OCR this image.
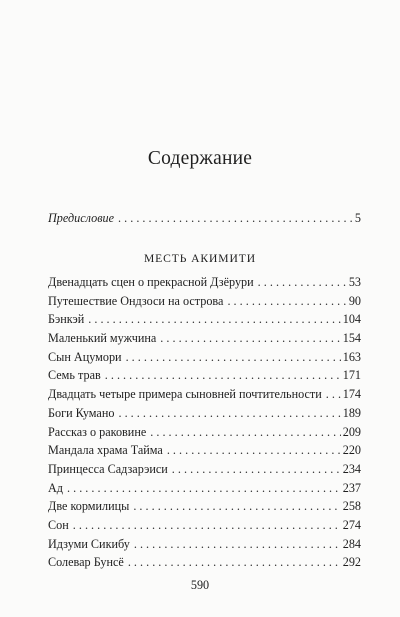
Содержание
Предисловие . . .	5
МЕСТЬ АКИМИТИ
Двенадцать сцен о прекрасной Дзёрури . . .	53
Путешествие Ондзоси на острова . . .	90
Бэнкэй . . .	104
Маленький мужчина . . .	154
Сын Ацумори . . .	163
Семь трав . . .	171
Двадцать четыре примера сыновней почтительности . . . 174
Боги Кумано . . .	189
Рассказ о раковине . . .	209
Мандала храма Тайма . . .	220
Принцесса Садзарэиси . . .	234
Ад . . .	237
Две кормилицы . . .	258
Сон . . .	274
Идзуми Сикибу . . .	284
Солевар Бунсё . . .	292
590
